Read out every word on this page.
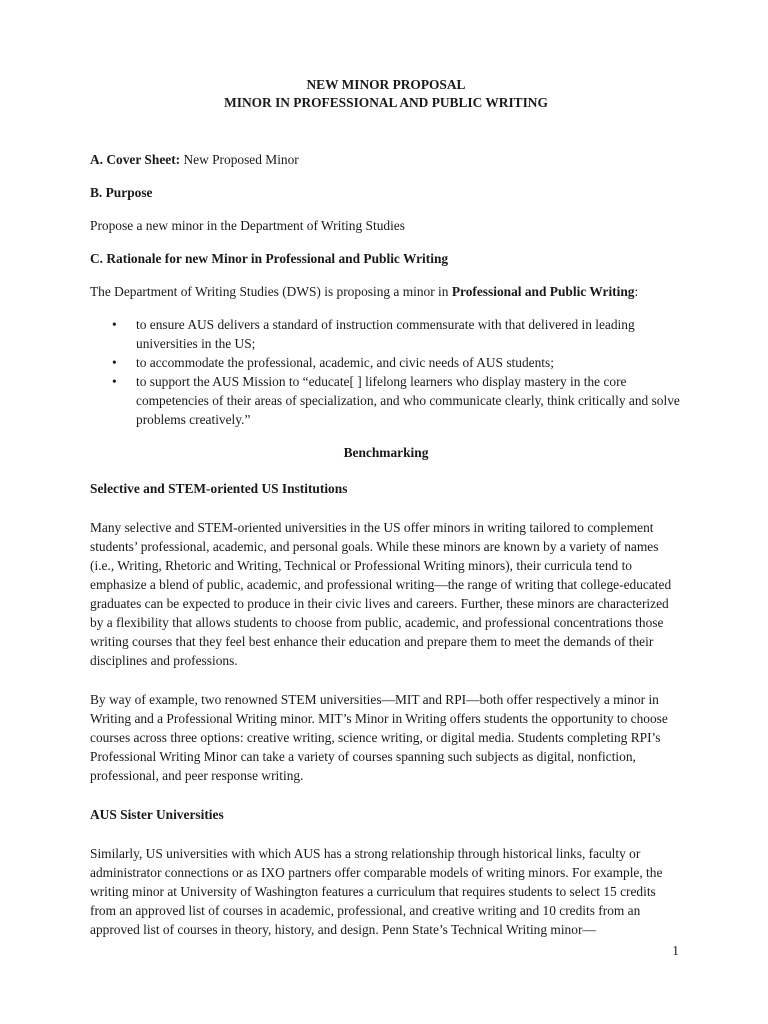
NEW MINOR PROPOSAL

MINOR IN PROFESSIONAL AND PUBLIC WRITING

A. Cover Sheet: New Proposed Minor

B. Purpose

Propose a new minor in the Department of Writing Studies

C. Rationale for new Minor in Professional and Public Writing

The Department of Writing Studies (DWS) is proposing a minor in Professional and Public Writing:

• to ensure AUS delivers a standard of instruction commensurate with that delivered in leading universities in the US;
• to accommodate the professional, academic, and civic needs of AUS students;
• to support the AUS Mission to “educate[ ] lifelong learners who display mastery in the core competencies of their areas of specialization, and who communicate clearly, think critically and solve problems creatively.”

Benchmarking

Selective and STEM-oriented US Institutions

Many selective and STEM-oriented universities in the US offer minors in writing tailored to complement students’ professional, academic, and personal goals. While these minors are known by a variety of names (i.e., Writing, Rhetoric and Writing, Technical or Professional Writing minors), their curricula tend to emphasize a blend of public, academic, and professional writing—the range of writing that college-educated graduates can be expected to produce in their civic lives and careers. Further, these minors are characterized by a flexibility that allows students to choose from public, academic, and professional concentrations those writing courses that they feel best enhance their education and prepare them to meet the demands of their disciplines and professions.

By way of example, two renowned STEM universities—MIT and RPI—both offer respectively a minor in Writing and a Professional Writing minor. MIT’s Minor in Writing offers students the opportunity to choose courses across three options: creative writing, science writing, or digital media. Students completing RPI’s Professional Writing Minor can take a variety of courses spanning such subjects as digital, nonfiction, professional, and peer response writing.

AUS Sister Universities

Similarly, US universities with which AUS has a strong relationship through historical links, faculty or administrator connections or as IXO partners offer comparable models of writing minors. For example, the writing minor at University of Washington features a curriculum that requires students to select 15 credits from an approved list of courses in academic, professional, and creative writing and 10 credits from an approved list of courses in theory, history, and design. Penn State’s Technical Writing minor—

1
